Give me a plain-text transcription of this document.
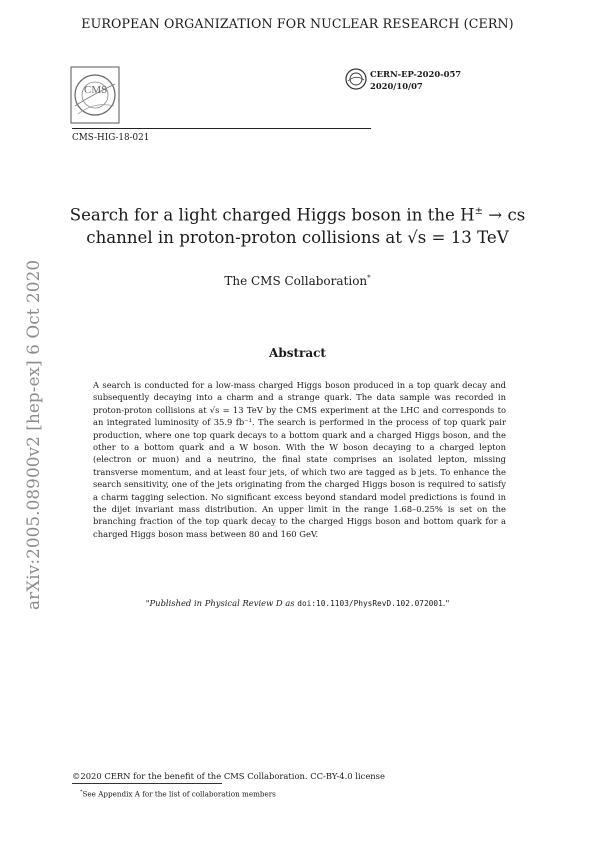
EUROPEAN ORGANIZATION FOR NUCLEAR RESEARCH (CERN)
CMS
CERN-EP-2020-057
2020/10/07
CMS-HIG-18-021
Search for a light charged Higgs boson in the H± → cs
channel in proton-proton collisions at √s = 13 TeV
The CMS Collaboration*
Abstract
A search is conducted for a low-mass charged Higgs boson produced in a top quark decay and subsequently decaying into a charm and a strange quark. The data sample was recorded in proton-proton collisions at √s = 13 TeV by the CMS experiment at the LHC and corresponds to an integrated luminosity of 35.9 fb⁻¹. The search is performed in the process of top quark pair production, where one top quark decays to a bottom quark and a charged Higgs boson, and the other to a bottom quark and a W boson. With the W boson decaying to a charged lepton (electron or muon) and a neutrino, the final state comprises an isolated lepton, missing transverse momentum, and at least four jets, of which two are tagged as b jets. To enhance the search sensitivity, one of the jets originating from the charged Higgs boson is required to satisfy a charm tagging selection. No significant excess beyond standard model predictions is found in the dijet invariant mass distribution. An upper limit in the range 1.68–0.25% is set on the branching fraction of the top quark decay to the charged Higgs boson and bottom quark for a charged Higgs boson mass between 80 and 160 GeV.
"Published in Physical Review D as doi:10.1103/PhysRevD.102.072001."
arXiv:2005.08900v2 [hep-ex] 6 Oct 2020
©2020 CERN for the benefit of the CMS Collaboration. CC-BY-4.0 license
*See Appendix A for the list of collaboration members
